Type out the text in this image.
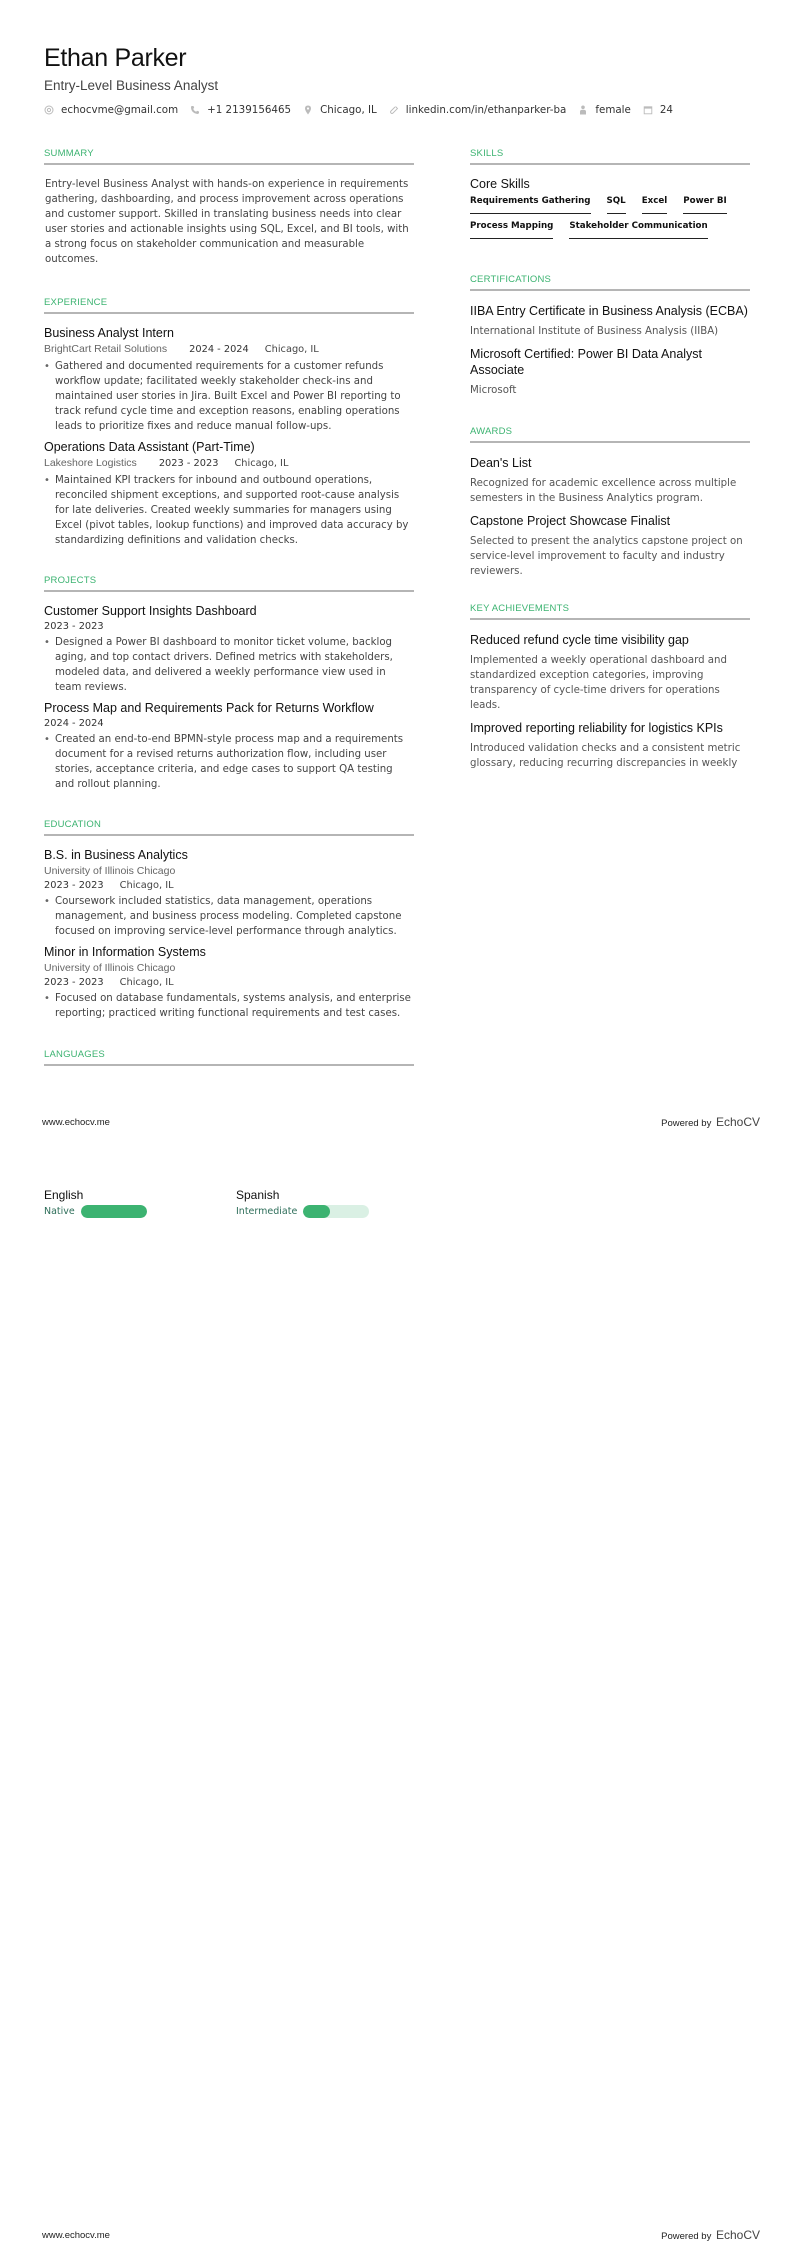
Ethan Parker
Entry-Level Business Analyst
echocvme@gmail.com	+1 2139156465	Chicago, IL	linkedin.com/in/ethanparker-ba	female	24
SUMMARY
Entry-level Business Analyst with hands-on experience in requirements gathering, dashboarding, and process improvement across operations and customer support. Skilled in translating business needs into clear user stories and actionable insights using SQL, Excel, and BI tools, with a strong focus on stakeholder communication and measurable outcomes.
EXPERIENCE
Business Analyst Intern
BrightCart Retail Solutions 2024 - 2024 Chicago, IL
• Gathered and documented requirements for a customer refunds workflow update; facilitated weekly stakeholder check-ins and maintained user stories in Jira. Built Excel and Power BI reporting to track refund cycle time and exception reasons, enabling operations leads to prioritize fixes and reduce manual follow-ups.
Operations Data Assistant (Part-Time)
Lakeshore Logistics 2023 - 2023 Chicago, IL
• Maintained KPI trackers for inbound and outbound operations, reconciled shipment exceptions, and supported root-cause analysis for late deliveries. Created weekly summaries for managers using Excel (pivot tables, lookup functions) and improved data accuracy by standardizing definitions and validation checks.
PROJECTS
Customer Support Insights Dashboard
2023 - 2023
• Designed a Power BI dashboard to monitor ticket volume, backlog aging, and top contact drivers. Defined metrics with stakeholders, modeled data, and delivered a weekly performance view used in team reviews.
Process Map and Requirements Pack for Returns Workflow
2024 - 2024
• Created an end-to-end BPMN-style process map and a requirements document for a revised returns authorization flow, including user stories, acceptance criteria, and edge cases to support QA testing and rollout planning.
EDUCATION
B.S. in Business Analytics
University of Illinois Chicago
2023 - 2023 Chicago, IL
• Coursework included statistics, data management, operations management, and business process modeling. Completed capstone focused on improving service-level performance through analytics.
Minor in Information Systems
University of Illinois Chicago
2023 - 2023 Chicago, IL
• Focused on database fundamentals, systems analysis, and enterprise reporting; practiced writing functional requirements and test cases.
LANGUAGES
SKILLS
Core Skills
Requirements Gathering SQL Excel Power BI
Process Mapping Stakeholder Communication
CERTIFICATIONS
IIBA Entry Certificate in Business Analysis (ECBA)
International Institute of Business Analysis (IIBA)
Microsoft Certified: Power BI Data Analyst Associate
Microsoft
AWARDS
Dean's List
Recognized for academic excellence across multiple semesters in the Business Analytics program.
Capstone Project Showcase Finalist
Selected to present the analytics capstone project on service-level improvement to faculty and industry reviewers.
KEY ACHIEVEMENTS
Reduced refund cycle time visibility gap
Implemented a weekly operational dashboard and standardized exception categories, improving transparency of cycle-time drivers for operations leads.
Improved reporting reliability for logistics KPIs
Introduced validation checks and a consistent metric glossary, reducing recurring discrepancies in weekly
www.echocv.me	Powered by EchoCV
English
Native
Spanish
Intermediate
www.echocv.me	Powered by EchoCV
